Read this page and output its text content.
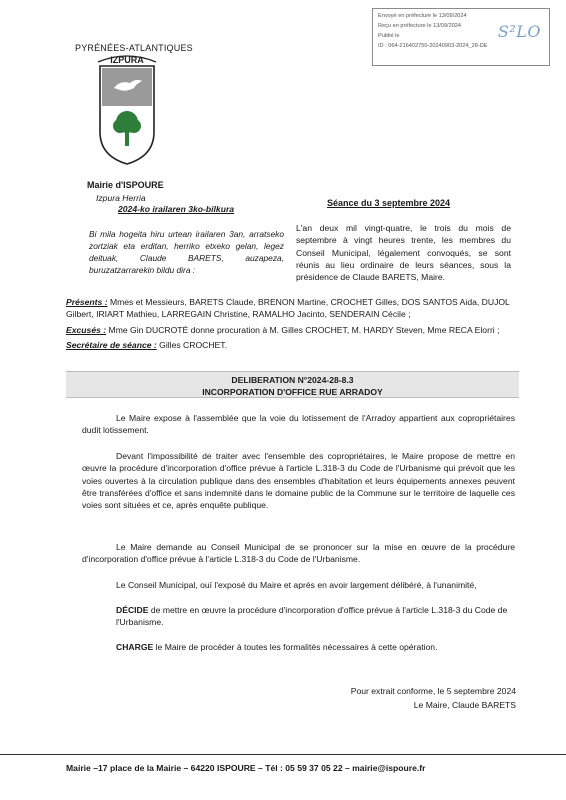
Envoyé en préfecture le 13/09/2024
Reçu en préfecture le 13/09/2024
Publié le
ID : 064-216402750-20240903-2024_28-DE
S²LO
PYRÉNÉES-ATLANTIQUES
IZPURA
Mairie d'ISPOURE
Izpura Herria
2024-ko irailaren 3ko-bilkura
Séance du 3 septembre 2024
Bi mila hogeita hiru urtean irailaren 3an, arratseko zortziak eta erditan, herriko etxeko gelan, legez deituak, Claude BARETS, auzapeza, buruzatzarrarekin bildu dira :
L'an deux mil vingt-quatre, le trois du mois de septembre à vingt heures trente, les membres du Conseil Municipal, légalement convoqués, se sont réunis au lieu ordinaire de leurs séances, sous la présidence de Claude BARETS, Maire.

Présents : Mmes et Messieurs, BARETS Claude, BRENON Martine, CROCHET Gilles, DOS SANTOS Aida, DUJOL Gilbert, IRIART Mathieu, LARREGAIN Christine, RAMALHO Jacinto, SENDERAIN Cécile ;

Excusés : Mme Gin DUCROTÉ donne procuration à M. Gilles CROCHET, M. HARDY Steven, Mme RECA Elorri ;

Secrétaire de séance : Gilles CROCHET.

DELIBERATION N°2024-28-8.3
INCORPORATION D'OFFICE RUE ARRADOY
Le Maire expose à l'assemblée que la voie du lotissement de l'Arradoy appartient aux copropriétaires dudit lotissement.
Devant l'impossibilité de traiter avec l'ensemble des copropriétaires, le Maire propose de mettre en œuvre la procédure d'incorporation d'office prévue à l'article L.318-3 du Code de l'Urbanisme qui prévoit que les voies ouvertes à la circulation publique dans des ensembles d'habitation et leurs équipements annexes peuvent être transférées d'office et sans indemnité dans le domaine public de la Commune sur le territoire de laquelle ces voies sont situées et ce, après enquête publique.
Le Maire demande au Conseil Municipal de se prononcer sur la mise en œuvre de la procédure d'incorporation d'office prévue à l'article L.318-3 du Code de l'Urbanisme.
Le Conseil Municipal, ouï l'exposé du Maire et après en avoir largement délibéré, à l'unanimité,
DÉCIDE de mettre en œuvre la procédure d'incorporation d'office prévue à l'article L.318-3 du Code de l'Urbanisme.
CHARGE le Maire de procéder à toutes les formalités nécessaires à cette opération.
Pour extrait conforme, le 5 septembre 2024
Le Maire, Claude BARETS
Mairie –17 place de la Mairie – 64220 ISPOURE – Tél : 05 59 37 05 22 – mairie@ispoure.fr
